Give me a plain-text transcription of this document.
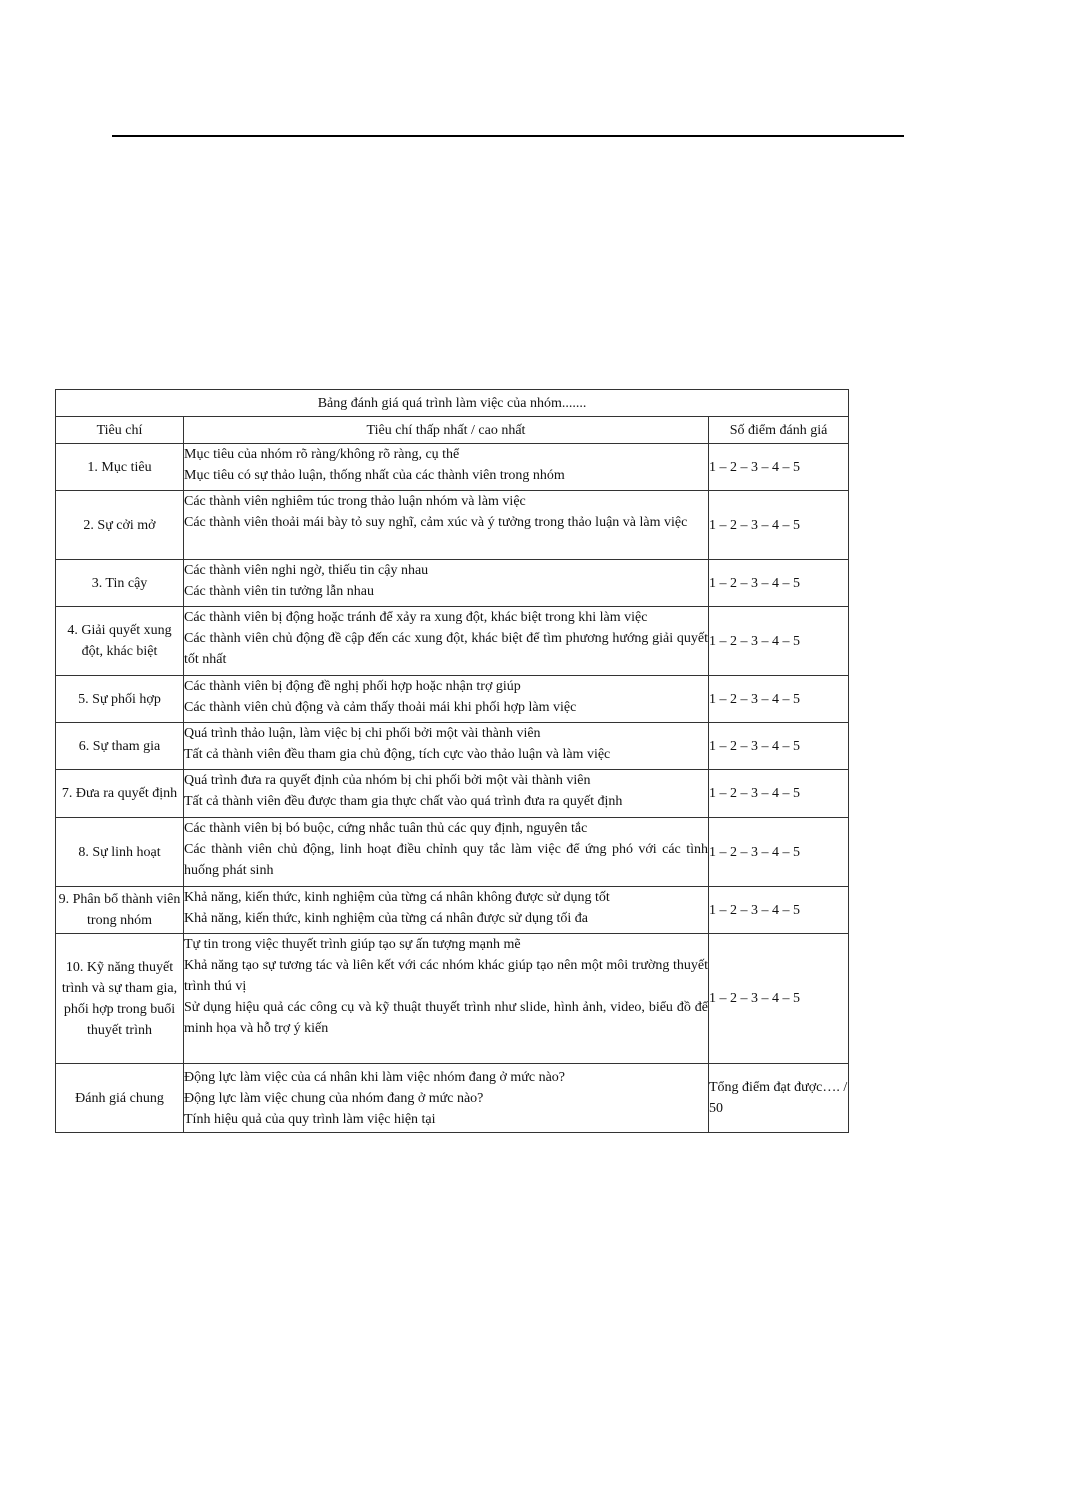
Bảng đánh giá quá trình làm việc của nhóm.......		
Tiêu chí	Tiêu chí thấp nhất / cao nhất	Số điểm đánh giá
1. Mục tiêu	Mục tiêu của nhóm rõ ràng/không rõ ràng, cụ thể
Mục tiêu có sự thảo luận, thống nhất của các thành viên trong nhóm	1 – 2 – 3 – 4 – 5
2. Sự cởi mở	Các thành viên nghiêm túc trong thảo luận nhóm và làm việc
Các thành viên thoải mái bày tỏ suy nghĩ, cảm xúc và ý tưởng trong thảo luận và làm việc	1 – 2 – 3 – 4 – 5
3. Tin cậy	Các thành viên nghi ngờ, thiếu tin cậy nhau
Các thành viên tin tưởng lẫn nhau	1 – 2 – 3 – 4 – 5
4. Giải quyết xung đột, khác biệt	Các thành viên bị động hoặc tránh để xảy ra xung đột, khác biệt trong khi làm việc
Các thành viên chủ động đề cập đến các xung đột, khác biệt để tìm phương hướng giải quyết tốt nhất	1 – 2 – 3 – 4 – 5
5. Sự phối hợp	Các thành viên bị động đề nghị phối hợp hoặc nhận trợ giúp
Các thành viên chủ động và cảm thấy thoải mái khi phối hợp làm việc	1 – 2 – 3 – 4 – 5
6. Sự tham gia	Quá trình thảo luận, làm việc bị chi phối bởi một vài thành viên
Tất cả thành viên đều tham gia chủ động, tích cực vào thảo luận và làm việc	1 – 2 – 3 – 4 – 5
7. Đưa ra quyết định	Quá trình đưa ra quyết định của nhóm bị chi phối bởi một vài thành viên
Tất cả thành viên đều được tham gia thực chất vào quá trình đưa ra quyết định	1 – 2 – 3 – 4 – 5
8. Sự linh hoạt	Các thành viên bị bó buộc, cứng nhắc tuân thủ các quy định, nguyên tắc
Các thành viên chủ động, linh hoạt điều chỉnh quy tắc làm việc để ứng phó với các tình huống phát sinh	1 – 2 – 3 – 4 – 5
9. Phân bổ thành viên trong nhóm	Khả năng, kiến thức, kinh nghiệm của từng cá nhân không được sử dụng tốt
Khả năng, kiến thức, kinh nghiệm của từng cá nhân được sử dụng tối đa	1 – 2 – 3 – 4 – 5
10. Kỹ năng thuyết trình và sự tham gia, phối hợp trong buổi thuyết trình	Tự tin trong việc thuyết trình giúp tạo sự ấn tượng mạnh mẽ
Khả năng tạo sự tương tác và liên kết với các nhóm khác giúp tạo nên một môi trường thuyết trình thú vị
Sử dụng hiệu quả các công cụ và kỹ thuật thuyết trình như slide, hình ảnh, video, biểu đồ để minh họa và hỗ trợ ý kiến	1 – 2 – 3 – 4 – 5
Đánh giá chung	Động lực làm việc của cá nhân khi làm việc nhóm đang ở mức nào?
Động lực làm việc chung của nhóm đang ở mức nào?
Tính hiệu quả của quy trình làm việc hiện tại	Tổng điểm đạt được…. / 50
